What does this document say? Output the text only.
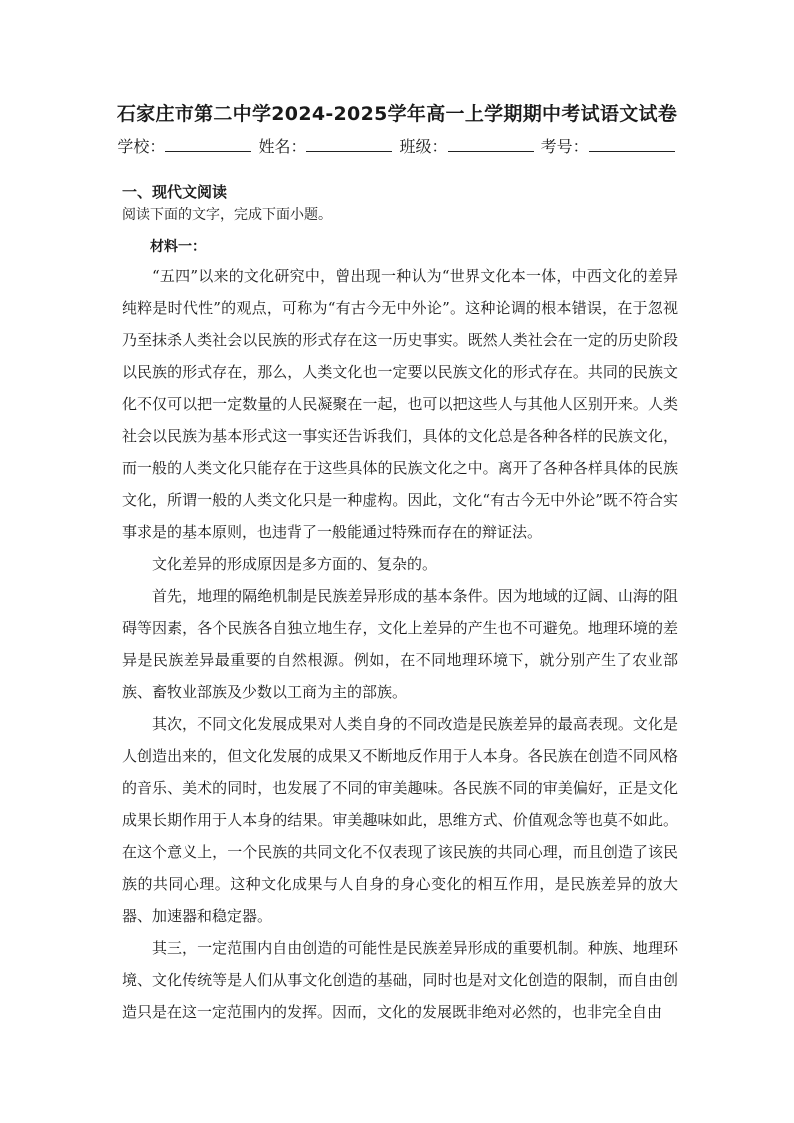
石家庄市第二中学2024-2025学年高一上学期期中考试语文试卷
学校：	姓名：	班级：	考号：
一、现代文阅读
阅读下面的文字，完成下面小题。
材料一：

“五四”以来的文化研究中，曾出现一种认为“世界文化本一体，中西文化的差异纯粹是时代性”的观点，可称为“有古今无中外论”。这种论调的根本错误，在于忽视乃至抹杀人类社会以民族的形式存在这一历史事实。既然人类社会在一定的历史阶段以民族的形式存在，那么，人类文化也一定要以民族文化的形式存在。共同的民族文化不仅可以把一定数量的人民凝聚在一起，也可以把这些人与其他人区别开来。人类社会以民族为基本形式这一事实还告诉我们，具体的文化总是各种各样的民族文化，而一般的人类文化只能存在于这些具体的民族文化之中。离开了各种各样具体的民族文化，所谓一般的人类文化只是一种虚构。因此，文化“有古今无中外论”既不符合实事求是的基本原则，也违背了一般能通过特殊而存在的辩证法。

文化差异的形成原因是多方面的、复杂的。

首先，地理的隔绝机制是民族差异形成的基本条件。因为地域的辽阔、山海的阻碍等因素，各个民族各自独立地生存，文化上差异的产生也不可避免。地理环境的差异是民族差异最重要的自然根源。例如，在不同地理环境下，就分别产生了农业部族、畜牧业部族及少数以工商为主的部族。

其次，不同文化发展成果对人类自身的不同改造是民族差异的最高表现。文化是人创造出来的，但文化发展的成果又不断地反作用于人本身。各民族在创造不同风格的音乐、美术的同时，也发展了不同的审美趣味。各民族不同的审美偏好，正是文化成果长期作用于人本身的结果。审美趣味如此，思维方式、价值观念等也莫不如此。在这个意义上，一个民族的共同文化不仅表现了该民族的共同心理，而且创造了该民族的共同心理。这种文化成果与人自身的身心变化的相互作用，是民族差异的放大器、加速器和稳定器。

其三，一定范围内自由创造的可能性是民族差异形成的重要机制。种族、地理环境、文化传统等是人们从事文化创造的基础，同时也是对文化创造的限制，而自由创造只是在这一定范围内的发挥。因而，文化的发展既非绝对必然的，也非完全自由
